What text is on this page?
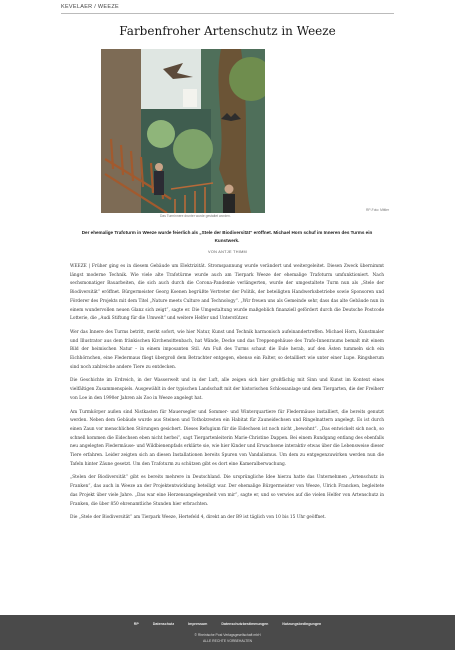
KEVELAER / WEEZE
Farbenfroher Artenschutz in Weeze
Das Turminnere drunter wurde gestaltet worden.
RP-Foto: Mittler

Der ehemalige Trafoturm in Weeze wurde feierlich als „Stele der Biodiversität“ eröffnet. Michael Horn schuf im Inneren des Turms ein Kunstwerk.

VON ANTJE THIMM

WEEZE | Früher ging es in diesem Gebäude um Elektrizität. Stromspannung wurde verändert und weitergeleitet. Diesen Zweck übernimmt längst moderne Technik. Wie viele alte Trafotürme wurde auch am Tierpark Weeze der ehemalige Trafoturm umfunktioniert. Nach sechsmonatiger Bauarbeiten, die sich auch durch die Corona-Pandemie verlängerten, wurde der umgestaltete Turm nun als „Stele der Biodiversität“ eröffnet. Bürgermeister Georg Koenen begrüßte Vertreter der Politik, der beteiligten Handwerksbetriebe sowie Sponsoren und Förderer des Projekts mit dem Titel „Nature meets Culture and Technology“. „Wir freuen uns als Gemeinde sehr, dass das alte Gebäude nun in einem wundervollen neuen Glanz sich zeigt“, sagte er. Die Umgestaltung wurde maßgeblich finanziell gefördert durch die Deutsche Postcode Lotterie, die „Audi Stiftung für die Umwelt“ und weitere Helfer und Unterstützer.

Wer das Innere des Turms betritt, merkt sofort, wie hier Natur, Kunst und Technik harmonisch aufeinandertreffen. Michael Horn, Kunstmaler und Illustrator aus dem fränkischen Kirchensittenbach, hat Wände, Decke und das Treppengehäuse des Trafo-Innenraums bemalt mit einem Bild der heimischen Natur – in einem imposanten Stil. Am Fuß des Turms schaut die Eule herab, auf den Ästen tummeln sich ein Eichhörnchen, eine Fledermaus fliegt übergroß dem Betrachter entgegen, ebenso ein Falter, so detailliert wie unter einer Lupe. Ringsherum sind noch zahlreiche andere Tiere zu entdecken.

Die Geschichte im Erdreich, in der Wasserwelt und in der Luft, alle zeigen sich hier großfächig mit Sinn und Kunst im Kontext eines vielfältigen Zusammenspiels. Ausgewählt in der typischen Landschaft mit der historischen Schlossanlage und dem Tiergarten, die der Freiherr von Loe in den 1990er Jahren als Zoo in Weeze angelegt hat.

Am Turmkörper außen sind Nistkasten für Mauersegler und Sommer- und Winterquartiere für Fledermäuse installiert, die bereits genutzt werden. Neben dem Gebäude wurde aus Steinen und Totholzresten ein Habitat für Zauneidechsen und Ringelnattern angelegt. Es ist durch einen Zaun vor menschlichen Störungen gesichert. Dieses Refugium für die Eidechsen ist noch nicht „bewohnt“. „Das entwickelt sich noch, so schnell kommen die Eidechsen eben nicht herbei“, sagt Tiergartenleiterin Marie-Christine Dappen. Bei einem Rundgang entlang des ebenfalls neu angelegten Fledermäuse- und Wildbienenpfads erklärte sie, wie hier Kinder und Erwachsene interaktiv etwas über die Lebensweise dieser Tiere erfahren. Leider zeigten sich an diesen Installationen bereits Spuren von Vandalismus. Um dem zu entgegenzuwirken werden nun die Tafeln hinter Zäune gesetzt. Um den Trafoturm zu schützen gibt es dort eine Kameralberwachung.

„Stelen der Biodiversität“ gibt es bereits mehrere in Deutschland. Die ursprüngliche Idee hierzu hatte das Unternehmen „Artenschutz in Franken“, das auch in Weeze an der Projektentwicklung beteiligt war. Der ehemalige Bürgermeister von Weeze, Ulrich Francken, begleitete das Projekt über viele Jahre. „Das war eine Herzensangelegenheit von mir“, sagte er, und so verwies auf die vielen Helfer von Artenschutz in Franken, die über 850 ehrenamtliche Stunden hier erbrachten.

Die „Stele der Biodiversität“ am Tierpark Weeze, Hertefeld 4, direkt an der B9 ist täglich von 10 bis 15 Uhr geöffnet.

RP	Datenschutz	Impressum	Datenschutzbestimmungen	Nutzungsbedingungen
© Rheinische Post Verlagsgesellschaft mbH
ALLE RECHTE VORBEHALTEN
